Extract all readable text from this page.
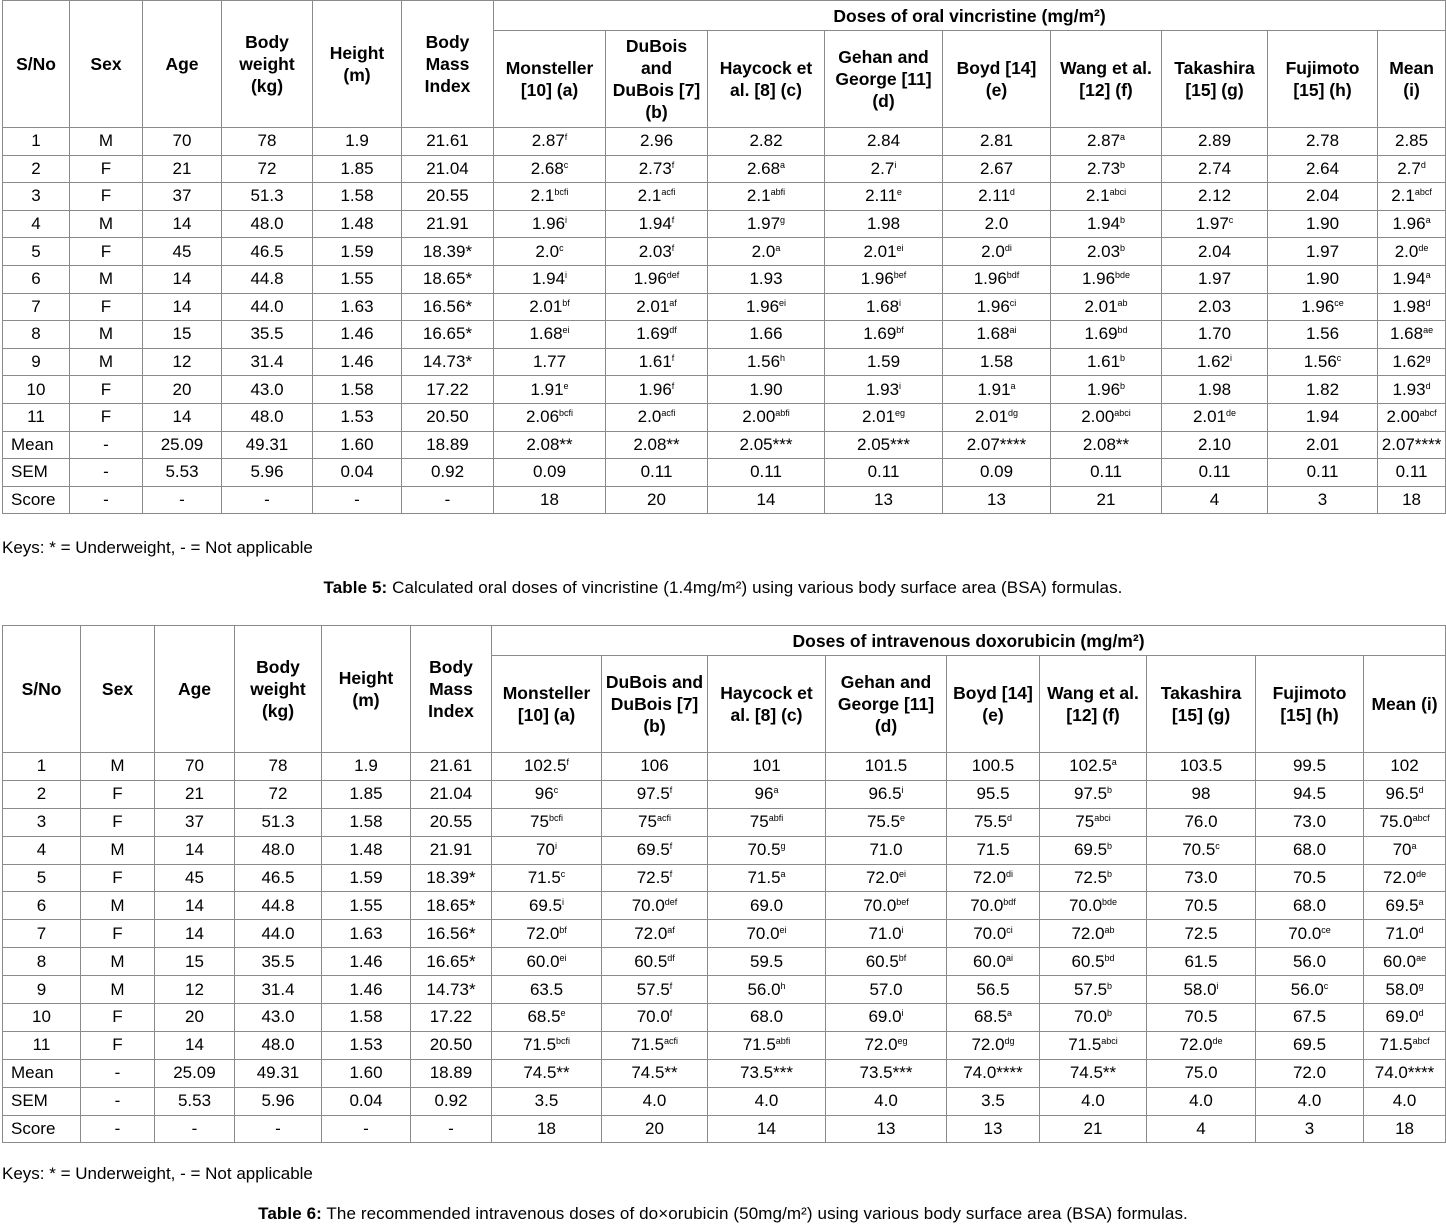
S/No	Sex	Age	Body weight (kg)	Height (m)	Body Mass Index	Doses of oral vincristine (mg/m²)								
						Monsteller [10] (a)	DuBois and DuBois [7] (b)	Haycock et al. [8] (c)	Gehan and George [11] (d)	Boyd [14] (e)	Wang et al. [12] (f)	Takashira [15] (g)	Fujimoto [15] (h)	Mean (i)
1	M	70	78	1.9	21.61	2.87$^f$	2.96	2.82	2.84	2.81	2.87$^a$	2.89	2.78	2.85
2	F	21	72	1.85	21.04	2.68$^c$	2.73$^f$	2.68$^a$	2.7$^i$	2.67	2.73$^b$	2.74	2.64	2.7$^d$
3	F	37	51.3	1.58	20.55	$2.1^{bcfi}$	$2.1^{acfi}$	$2.1^{abfi}$	2.11e	2.11$^d$	$2.1^{abci}$	2.12	2.04	$2.1^{abcf}$
4	M	14	48.0	1.48	21.91	1.96$^i$	1.94$^f$	1.97$^g$	1.98	2.0	1.94$^b$	1.97$^c$	1.90	1.96$^a$
5	F	45	46.5	1.59	18.39*	2.0$^c$	2.03$^f$	2.0$^a$	$2.01^{ei}$	$2.0^{di}$	2.03$^b$	2.04	1.97	2.0de
6	M	14	44.8	1.55	18.65*	1.94$^i$	1.96$^{def}$	1.93	1.96$^{bef}$	1.96$^{bdf}$	1.96$^{bde}$	1.97	1.90	1.94$^a$
7	F	14	44.0	1.63	16.56*	2.01$^{bf}$	2.01$^{af}$	$1.96^{ei}$	1.68$^i$	$1.96^{ci}$	2.01$^{ab}$	2.03	1.96$^{ce}$	1.98$^d$
8	M	15	35.5	1.46	16.65*	$1.68^{ei}$	1.69$^{df}$	1.66	1.69$^{bf}$	$1.68^{ai}$	1.69$^{bd}$	1.70	1.56	1.68$^{ae}$
9	M	12	31.4	1.46	14.73*	1.77	1.61$^f$	1.56$^h$	1.59	1.58	1.61$^b$	1.62$^i$	1.56$^c$	1.62$^g$
10	F	20	43.0	1.58	17.22	1.91e	1.96$^f$	1.90	1.93$^i$	1.91$^a$	1.96$^b$	1.98	1.82	1.93$^d$
11	F	14	48.0	1.53	20.50	$2.06^{bcfi}$	$2.0^{acfi}$	$2.00^{abfi}$	2.01$^{eg}$	2.01$^{dg}$	$2.00^{abci}$	2.01de	1.94	$2.00^{abcf}$
Mean	-	25.09	49.31	1.60	18.89	2.08**	2.08**	2.05***	2.05***	2.07****	2.08**	2.10	2.01	2.07****
SEM	-	5.53	5.96	0.04	0.92	0.09	0.11	0.11	0.11	0.09	0.11	0.11	0.11	0.11
Score	-	-	-	-	-	18	20	14	13	13	21	4	3	18
Keys: * = Underweight, - = Not applicable
Table 5: Calculated oral doses of vincristine (1.4mg/m²) using various body surface area (BSA) formulas.
S/No	Sex	Age	Body weight (kg)	Height (m)	Body Mass Index	Doses of intravenous doxorubicin (mg/m²)								
						Monsteller [10] (a)	DuBois and DuBois [7] (b)	Haycock et al. [8] (c)	Gehan and George [11] (d)	Boyd [14] (e)	Wang et al. [12] (f)	Takashira [15] (g)	Fujimoto [15] (h)	Mean (i)
1	M	70	78	1.9	21.61	102.5$^f$	106	101	101.5	100.5	102.5$^a$	103.5	99.5	102
2	F	21	72	1.85	21.04	96$^c$	97.5$^f$	96$^a$	96.5$^i$	95.5	97.5$^b$	98	94.5	96.5$^d$
3	F	37	51.3	1.58	20.55	$75^{bcfi}$	$75^{acfi}$	$75^{abfi}$	75.5e	75.5$^d$	$75^{abci}$	76.0	73.0	$75.0^{abcf}$
4	M	14	48.0	1.48	21.91	70$^i$	69.5$^f$	70.5$^g$	71.0	71.5	69.5$^b$	70.5$^c$	68.0	70$^a$
5	F	45	46.5	1.59	18.39*	71.5$^c$	72.5$^f$	71.5$^a$	$72.0^{ei}$	$72.0^{di}$	72.5$^b$	73.0	70.5	72.0de
6	M	14	44.8	1.55	18.65*	69.5$^i$	70.0$^{def}$	69.0	70.0$^{bef}$	70.0$^{bdf}$	70.0$^{bde}$	70.5	68.0	69.5$^a$
7	F	14	44.0	1.63	16.56*	72.0$^{bf}$	72.0$^{af}$	$70.0^{ei}$	71.0$^i$	$70.0^{ci}$	72.0$^{ab}$	72.5	70.0$^{ce}$	71.0$^d$
8	M	15	35.5	1.46	16.65*	$60.0^{ei}$	60.5$^{df}$	59.5	60.5$^{bf}$	$60.0^{ai}$	60.5$^{bd}$	61.5	56.0	60.0$^{ae}$
9	M	12	31.4	1.46	14.73*	63.5	57.5$^f$	56.0$^h$	57.0	56.5	57.5$^b$	58.0$^i$	56.0$^c$	58.0$^g$
10	F	20	43.0	1.58	17.22	68.5e	70.0$^f$	68.0	69.0$^i$	68.5$^a$	70.0$^b$	70.5	67.5	69.0$^d$
11	F	14	48.0	1.53	20.50	$71.5^{bcfi}$	$71.5^{acfi}$	$71.5^{abfi}$	72.0$^{eg}$	72.0$^{dg}$	$71.5^{abci}$	72.0de	69.5	$71.5^{abcf}$
Mean	-	25.09	49.31	1.60	18.89	74.5**	74.5**	73.5***	73.5***	74.0****	74.5**	75.0	72.0	74.0****
SEM	-	5.53	5.96	0.04	0.92	3.5	4.0	4.0	4.0	3.5	4.0	4.0	4.0	4.0
Score	-	-	-	-	-	18	20	14	13	13	21	4	3	18
Keys: * = Underweight, - = Not applicable
Table 6: The recommended intravenous doses of do×orubicin (50mg/m²) using various body surface area (BSA) formulas.
